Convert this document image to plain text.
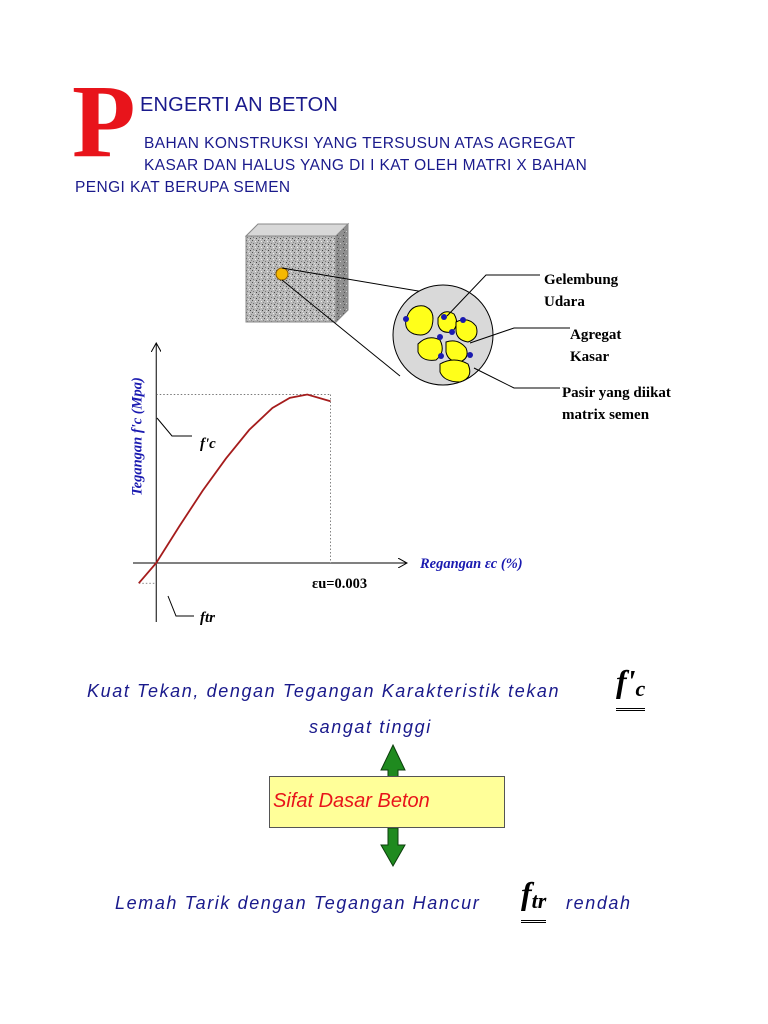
P ENGERTI AN BETON
BAHAN KONSTRUKSI YANG TERSUSUN ATAS AGREGAT
KASAR DAN HALUS YANG DI I KAT OLEH MATRI X BAHAN
PENGI KAT BERUPA SEMEN
Gelembung
Udara
Agregat
Kasar
Pasir yang diikat
matrix semen
Tegangan f'c (Mpa)
Regangan εc (%)
f'c
ftr
εu=0.003
Kuat Tekan, dengan Tegangan Karakteristik tekan f'c
sangat tinggi
Sifat Dasar Beton
Lemah Tarik dengan Tegangan Hancur ftr rendah
